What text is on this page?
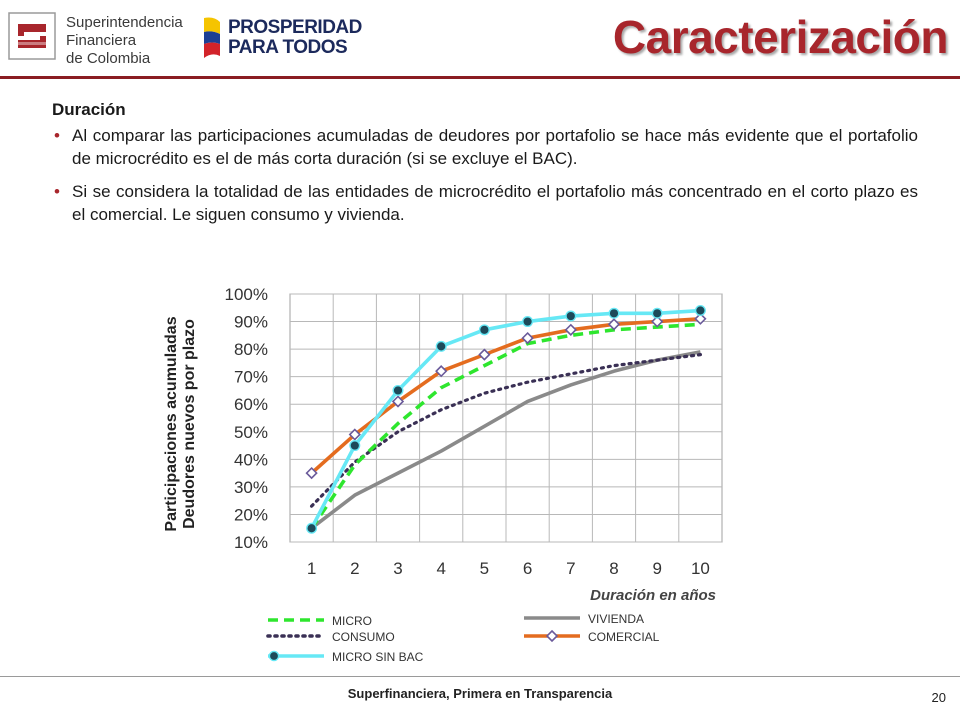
Superintendencia
Financiera
de Colombia
PROSPERIDAD
PARA TODOS	Caracterización
Duración
• Al comparar las participaciones acumuladas de deudores por portafolio se hace más evidente que el portafolio de microcrédito es el de más corta duración (si se excluye el BAC).
• Si se considera la totalidad de las entidades de microcrédito el portafolio más concentrado en el corto plazo es el comercial. Le siguen consumo y vivienda.
10%
20%
30%
40%
50%
60%
70%
80%
90%
100%
1 2 3 4 5 6 7 8 9 10
Duración en años
Participaciones acumuladas Deudores nuevos por plazo
MICRO	VIVIENDA
CONSUMO	COMERCIAL
MICRO SIN BAC
Superfinanciera, Primera en Transparencia	20
